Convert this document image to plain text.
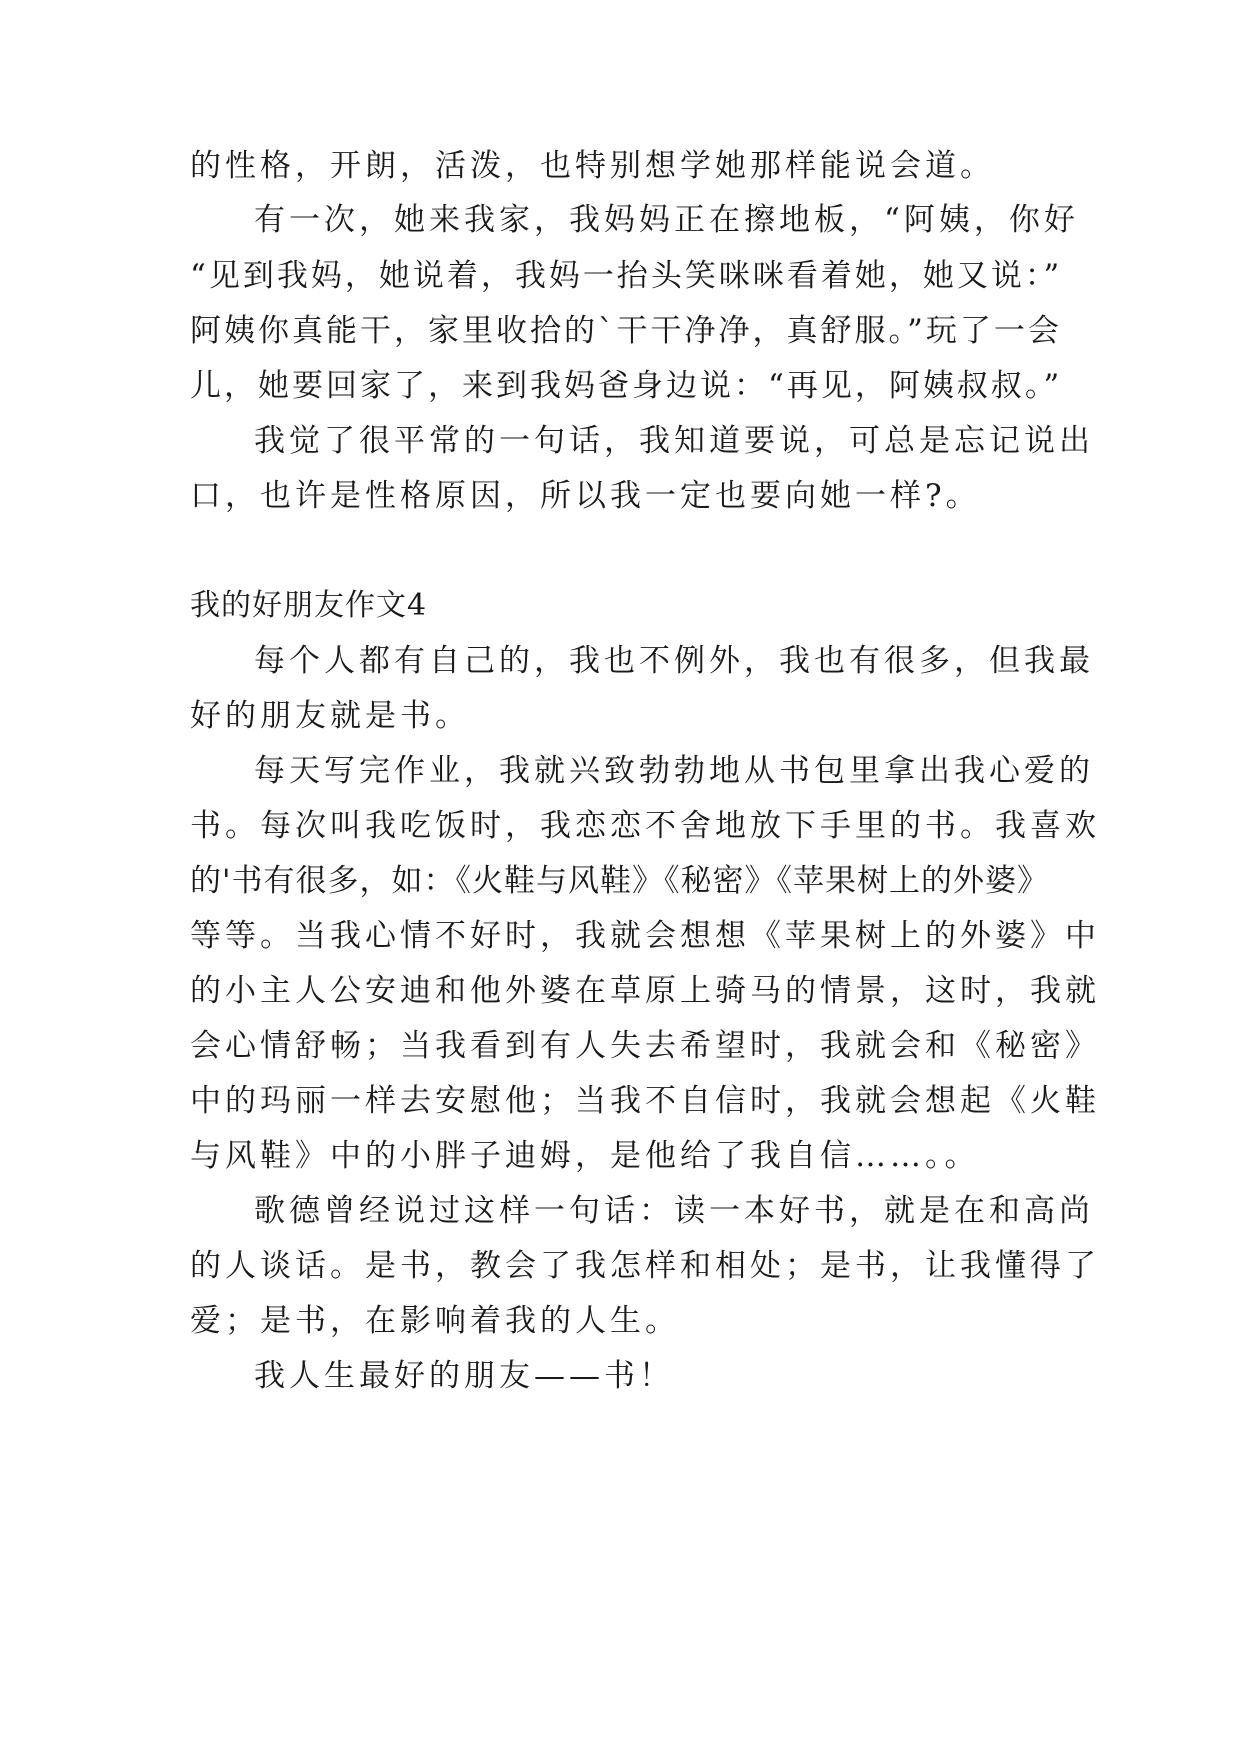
的性格，开朗，活泼，也特别想学她那样能说会道。
有一次，她来我家，我妈妈正在擦地板，“阿姨，你好
“见到我妈，她说着，我妈一抬头笑咪咪看着她，她又说：”
阿姨你真能干，家里收拾的`干干净净，真舒服。”玩了一会
儿，她要回家了，来到我妈爸身边说：“再见，阿姨叔叔。”
我觉了很平常的一句话，我知道要说，可总是忘记说出
口，也许是性格原因，所以我一定也要向她一样?。
我的好朋友作文4
每个人都有自己的，我也不例外，我也有很多，但我最
好的朋友就是书。
每天写完作业，我就兴致勃勃地从书包里拿出我心爱的
书。每次叫我吃饭时，我恋恋不舍地放下手里的书。我喜欢
的'书有很多，如：《火鞋与风鞋》《秘密》《苹果树上的外婆》
等等。当我心情不好时，我就会想想《苹果树上的外婆》中
的小主人公安迪和他外婆在草原上骑马的情景，这时，我就
会心情舒畅；当我看到有人失去希望时，我就会和《秘密》
中的玛丽一样去安慰他；当我不自信时，我就会想起《火鞋
与风鞋》中的小胖子迪姆，是他给了我自信……。。
歌德曾经说过这样一句话：读一本好书，就是在和高尚
的人谈话。是书，教会了我怎样和相处；是书，让我懂得了
爱；是书，在影响着我的人生。
我人生最好的朋友——书！
